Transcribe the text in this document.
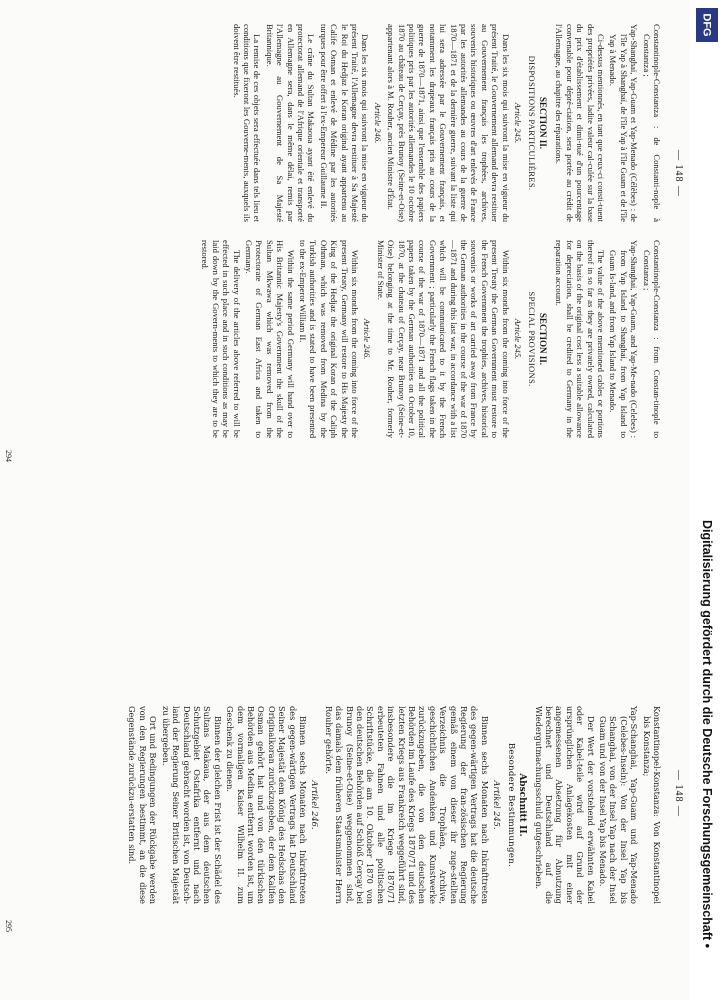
— 148 —
— 148 —

Constantinople-Constantza : de Constanti-nople à Constantza ;

Yap-Shanghaï, Yap-Guam et Yap-Menado (Célèbes) : de l'île Yap à Shanghaï, de l'île Yap à l'île Guam et de l'île Yap à Menado.

Ci-dessus mentionnés, en tant que ceux-ci consti-tuent des propriétés privées, ladite valeur cal-culée sur la base du prix d'établissement et dimi-nué d'un pourcentage convenable pour dépré-ciation, sera portée au crédit de l'Allemagne, au chapitre des réparations.

SECTION II.
DISPOSITIONS PARTICULIÈRES.
Article 245.

Dans les six mois qui suivront la mise en vigueur du présent Traité, le Gouvernement allemand devra restituer au Gouvernement français les trophées, archives, souvenirs historiques ou œuvres d'art enlevés de France par les autorités allemandes au cours de la guerre de 1870—1871 et de la dernière guerre, suivant la liste qui lui sera adressée par le Gouvernement français, et notamment les drapeaux français pris au cours de la guerre de 1870—1871, ainsi que l'ensemble des papiers politiques pris par les autorités allemandes le 10 octobre 1870 au château de Cerçay, près Brunoy (Seine-et-Oise) appartenant alors à M. Rouher, ancien Ministre d'État.

Article 246.

Dans les six mois qui suivront la mise en vigueur du présent Traité, l'Allemagne devra restituer à Sa Majesté le Roi du Hedjaz le Koran original ayant appartenu au Calife Osman et enlevé de Médine par les autorités turques pour être offert à l'ex-Empereur Guillaume II.

Le crâne du Sultan Makaoua ayant été enlevé du protectorat allemand de l'Afrique orientale et transporté en Allemagne sera, dans le même délai, remis par l'Allemagne au Gouvernement de Sa Majesté Britannique.

La remise de ces objets sera effectuée dans tels lieu et conditions que fixeront les Gouverne-ments, auxquels ils doivent être restitués.

Constantinople-Constanza : from Constan-tinople to Constanza ;

Yap-Shanghai, Yap-Guam, and Yap-Me-nado (Celebes) : from Yap Island to Shanghai, from Yap Island to Guam Is-land, and from Yap Island to Menado.

The value of the above mentioned cables or portions thereof in so far as they are privately owned, calculated on the basis of the original cost less a suitable allowance for depreciation, shall be credited to Germany in the reparation account.

SECTION II.
SPECIAL PROVISIONS.
Article 245.

Within six months from the coming into force of the present Treaty the German Government must restore to the French Government the trophies, archives, historical souvenirs or works of art carried away from France by the German authorities in the course of the war of 1870—1871 and during this last war, in accordance with a list which will be communicated to it by the French Government ; particularly the French flags taken in the course of the war of 1870—1871 and all the political papers taken by the German authorities on October 10, 1870, at the chateau of Cerçay, near Brunoy (Seine-et-Oise) belonging at the time to Mr. Rouher, formerly Minister of State.

Article 246.

Within six months from the coming into force of the present Treaty, Germany will restore to His Majesty the King of the Hedjaz the original Koran of the Caliph Othman, which was removed from Medina by the Turkish authorities and is stated to have been presented to the ex-Emperor William II.

Within the same period Germany will hand over to His Britannic Majesty's Government the skull of the Sultan Mkwawa which was removed from the Protectorate of German East Africa and taken to Germany.

The delivery of the articles above referred to will be effected in such place and in such conditions as may be laid down by the Govern-ments to which they are to be restored.

294

Konstantinopel-Konstanza: Von Konstantinopel bis Konstanza;

Yap-Schanghai, Yap-Guam und Yap-Menado (Celebes-Inseln): Von der Insel Yap bis Schanghai, von der Insel Yap nach der Insel Guam und von der Insel Yap bis Menado.

Der Wert der vorstehend erwähnten Kabel oder Kabel-teile wird auf Grund der ursprünglichen Anlagekosten mit einer angemessenen Absetzung für Abnutzung berechnet und Deutschland auf die Wiedergutmachungsschuld gutgeschrieben.

Abschnitt II.
Besondere Bestimmungen.
Artikel 245.

Binnen sechs Monaten nach Inkrafttreten des gegen-wärtigen Vertrags hat die deutsche Regierung der fran-zösischen Regierung gemäß einem von dieser ihr zuge-stellten Verzeichnis die Trophäen, Archive, geschichtlichen Andenken und Kunstwerke zurückzugeben, die von den deutschen Behörden im Laufe des Kriegs 1870/71 und des letzten Kriegs aus Frankreich weggeführt sind, insbesondere die im Kriege 1870/71 erbeuteten Fahnen und alle politischen Schriftstücke, die am 10. Oktober 1870 von den deutschen Behörden auf Schloß Cerçay bei Brunoy (Seine-et-Oise) weggenommen sind, das damals dem früheren Staatsminister Herrn Rouher gehörte.

Artikel 246.

Binnen sechs Monaten nach Inkrafttreten des gegen-wärtigen Vertrags hat Deutschland Seiner Majestät dem König des Hedschas den Originalkoran zurückzugeben, der dem Kalifen Osman gehört hat und von den türkischen Behörden aus Medina entfernt worden ist, um dem vormaligen Kaiser Wilhelm II. zum Geschenk zu dienen.

Binnen der gleichen Frist ist der Schädel des Sultans Makaua, der aus dem deutschen Schutzgebiet Ostafrika entfernt und nach Deutschland gebracht worden ist, von Deutsch-land der Regierung Seiner Britischen Majestät zu übergeben.

Ort und Bedingungen der Rückgabe werden von den Regierungen bestimmt, an die diese Gegenstände zurückzu-erstatten sind.

295	Digitalisierung gefördert durch die Deutsche Forschungsgemeinschaft •
DFG
